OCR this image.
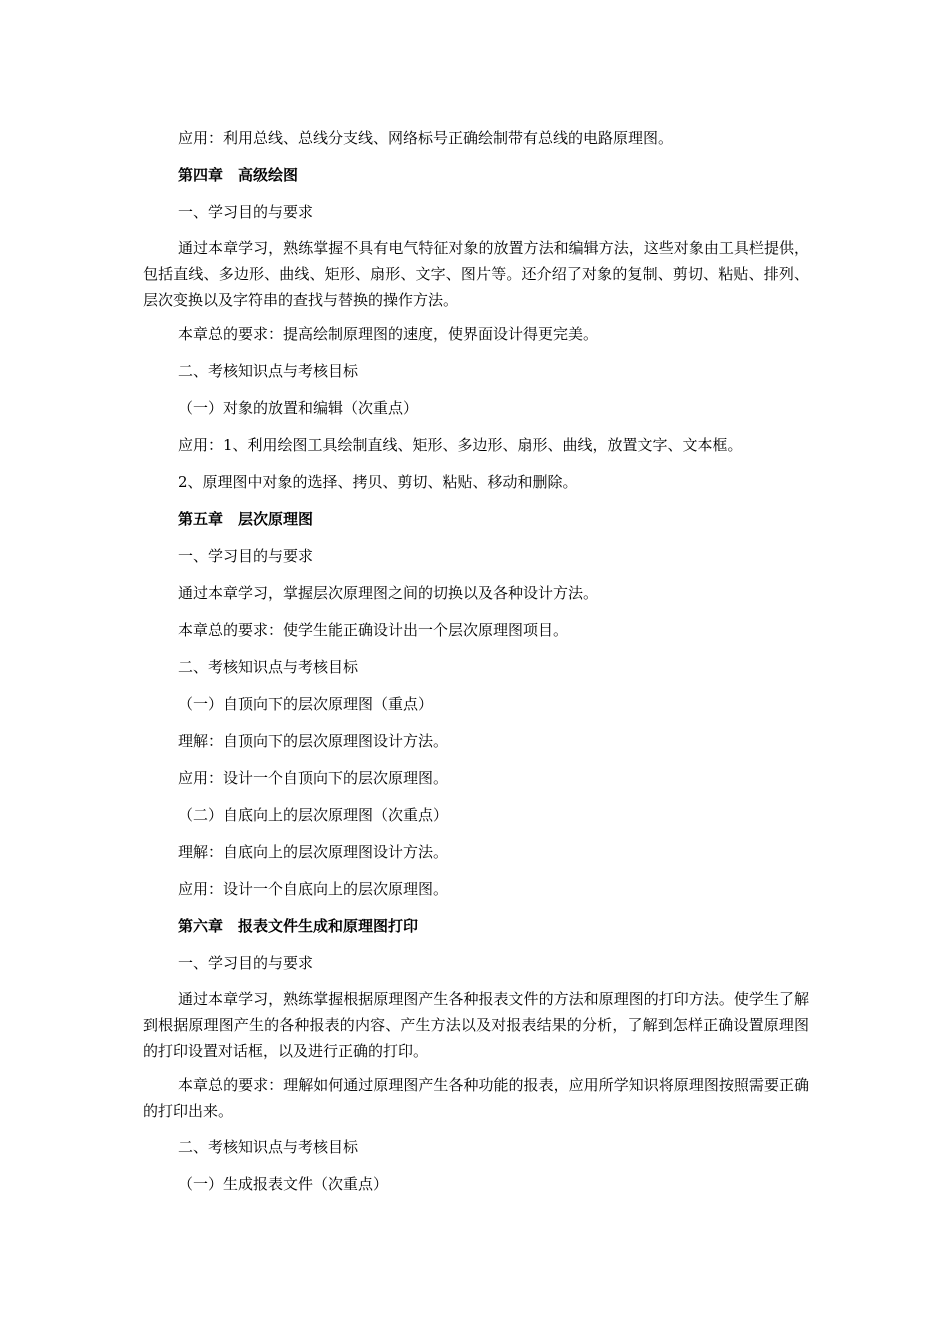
应用：利用总线、总线分支线、网络标号正确绘制带有总线的电路原理图。
第四章　高级绘图
一、学习目的与要求
通过本章学习，熟练掌握不具有电气特征对象的放置方法和编辑方法，这些对象由工具栏提供，包括直线、多边形、曲线、矩形、扇形、文字、图片等。还介绍了对象的复制、剪切、粘贴、排列、层次变换以及字符串的查找与替换的操作方法。
本章总的要求：提高绘制原理图的速度，使界面设计得更完美。
二、考核知识点与考核目标
（一）对象的放置和编辑（次重点）
应用：1、利用绘图工具绘制直线、矩形、多边形、扇形、曲线，放置文字、文本框。
2、原理图中对象的选择、拷贝、剪切、粘贴、移动和删除。
第五章　层次原理图
一、学习目的与要求
通过本章学习，掌握层次原理图之间的切换以及各种设计方法。
本章总的要求：使学生能正确设计出一个层次原理图项目。
二、考核知识点与考核目标
（一）自顶向下的层次原理图（重点）
理解：自顶向下的层次原理图设计方法。
应用：设计一个自顶向下的层次原理图。
（二）自底向上的层次原理图（次重点）
理解：自底向上的层次原理图设计方法。
应用：设计一个自底向上的层次原理图。
第六章　报表文件生成和原理图打印
一、学习目的与要求
通过本章学习，熟练掌握根据原理图产生各种报表文件的方法和原理图的打印方法。使学生了解到根据原理图产生的各种报表的内容、产生方法以及对报表结果的分析，了解到怎样正确设置原理图的打印设置对话框，以及进行正确的打印。
本章总的要求：理解如何通过原理图产生各种功能的报表，应用所学知识将原理图按照需要正确的打印出来。
二、考核知识点与考核目标
（一）生成报表文件（次重点）
